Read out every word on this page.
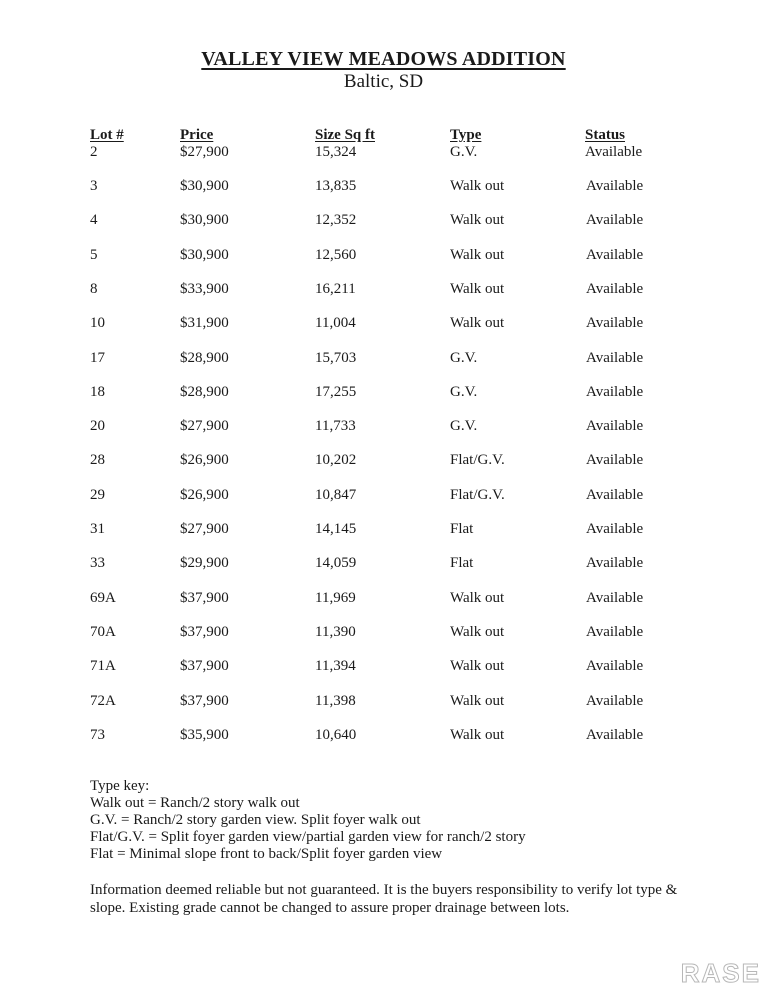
VALLEY VIEW MEADOWS ADDITION
Baltic, SD
Lot #	Price	Size Sq ft	Type	Status
2	$27,900	15,324	G.V.	Available
3	$30,900	13,835	Walk out	Available
4	$30,900	12,352	Walk out	Available
5	$30,900	12,560	Walk out	Available
8	$33,900	16,211	Walk out	Available
10	$31,900	11,004	Walk out	Available
17	$28,900	15,703	G.V.	Available
18	$28,900	17,255	G.V.	Available
20	$27,900	11,733	G.V.	Available
28	$26,900	10,202	Flat/G.V.	Available
29	$26,900	10,847	Flat/G.V.	Available
31	$27,900	14,145	Flat	Available
33	$29,900	14,059	Flat	Available
69A	$37,900	11,969	Walk out	Available
70A	$37,900	11,390	Walk out	Available
71A	$37,900	11,394	Walk out	Available
72A	$37,900	11,398	Walk out	Available
73	$35,900	10,640	Walk out	Available
Type key:
Walk out = Ranch/2 story walk out
G.V. = Ranch/2 story garden view. Split foyer walk out
Flat/G.V. = Split foyer garden view/partial garden view for ranch/2 story
Flat = Minimal slope front to back/Split foyer garden view
Information deemed reliable but not guaranteed. It is the buyers responsibility to verify lot type & slope. Existing grade cannot be changed to assure proper drainage between lots.
RASE
